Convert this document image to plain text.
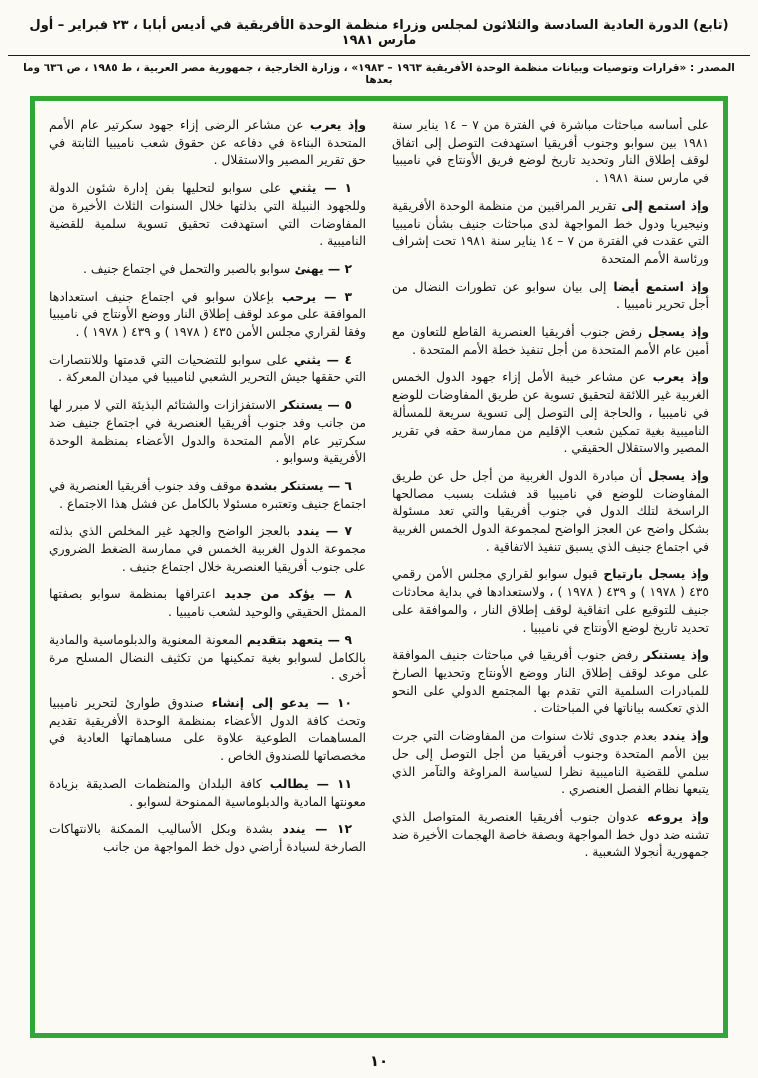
(تابع) الدورة العادية السادسة والثلاثون لمجلس وزراء منظمة الوحدة الأفريقية في أديس أبابا ، ٢٣ فبراير – أول مارس ١٩٨١
المصدر : «قرارات وتوصيات وبيانات منظمة الوحدة الأفريقية ١٩٦٣ – ١٩٨٣» ، وزارة الخارجية ، جمهورية مصر العربية ، ط ١٩٨٥ ، ص ٦٣٦ وما بعدها

على أساسه مباحثات مباشرة في الفترة من ٧ – ١٤ يناير سنة ١٩٨١ بين سوابو وجنوب أفريقيا استهدفت التوصل إلى اتفاق لوقف إطلاق النار وتحديد تاريخ لوضع فريق الأونتاج في ناميبيا في مارس سنة ١٩٨١ .

وإذ استمع إلى تقرير المراقبين من منظمة الوحدة الأفريقية ونيجيريا ودول خط المواجهة لدى مباحثات جنيف بشأن ناميبيا التي عقدت في الفترة من ٧ – ١٤ يناير سنة ١٩٨١ تحت إشراف ورئاسة الأمم المتحدة

وإذ استمع أيضا إلى بيان سوابو عن تطورات النضال من أجل تحرير ناميبيا .

وإذ يسجل رفض جنوب أفريقيا العنصرية القاطع للتعاون مع أمين عام الأمم المتحدة من أجل تنفيذ خطة الأمم المتحدة .

وإذ يعرب عن مشاعر خيبة الأمل إزاء جهود الدول الخمس الغربية غير اللائقة لتحقيق تسوية عن طريق المفاوضات للوضع في ناميبيا ، والحاجة إلى التوصل إلى تسوية سريعة للمسألة الناميبية بغية تمكين شعب الإقليم من ممارسة حقه في تقرير المصير والاستقلال الحقيقي .

وإذ يسجل أن مبادرة الدول الغربية من أجل حل عن طريق المفاوضات للوضع في ناميبيا قد فشلت بسبب مصالحها الراسخة لتلك الدول في جنوب أفريقيا والتي تعد مسئولة بشكل واضح عن العجز الواضح لمجموعة الدول الخمس الغربية في اجتماع جنيف الذي يسبق تنفيذ الاتفاقية .

وإذ يسجل بارتياح قبول سوابو لقراري مجلس الأمن رقمي ٤٣٥ ( ١٩٧٨ ) و ٤٣٩ ( ١٩٧٨ ) ، ولاستعدادها في بداية محادثات جنيف للتوقيع على اتفاقية لوقف إطلاق النار ، والموافقة على تحديد تاريخ لوضع الأونتاج في ناميبيا .

وإذ يستنكر رفض جنوب أفريقيا في مباحثات جنيف الموافقة على موعد لوقف إطلاق النار ووضع الأونتاج وتحديها الصارخ للمبادرات السلمية التي تقدم بها المجتمع الدولي على النحو الذي تعكسه بياناتها في المباحثات .

وإذ يندد بعدم جدوى ثلاث سنوات من المفاوضات التي جرت بين الأمم المتحدة وجنوب أفريقيا من أجل التوصل إلى حل سلمي للقضية الناميبية نظرا لسياسة المراوغة والتآمر الذي يتبعها نظام الفصل العنصري .

وإذ يروعه عدوان جنوب أفريقيا العنصرية المتواصل الذي تشنه ضد دول خط المواجهة وبصفة خاصة الهجمات الأخيرة ضد جمهورية أنجولا الشعبية .

وإذ يعرب عن مشاعر الرضى إزاء جهود سكرتير عام الأمم المتحدة البناءة في دفاعه عن حقوق شعب ناميبيا الثابتة في حق تقرير المصير والاستقلال .

١ — يثني على سوابو لتحليها بفن إدارة شئون الدولة وللجهود النبيلة التي بذلتها خلال السنوات الثلاث الأخيرة من المفاوضات التي استهدفت تحقيق تسوية سلمية للقضية الناميبية .

٢ — يهنئ سوابو بالصبر والتحمل في اجتماع جنيف .

٣ — يرحب بإعلان سوابو في اجتماع جنيف استعدادها الموافقة على موعد لوقف إطلاق النار ووضع الأونتاج في ناميبيا وفقا لقراري مجلس الأمن ٤٣٥ ( ١٩٧٨ ) و ٤٣٩ ( ١٩٧٨ ) .

٤ — يثني على سوابو للتضحيات التي قدمتها وللانتصارات التي حققها جيش التحرير الشعبي لناميبيا في ميدان المعركة .

٥ — يستنكر الاستفزازات والشتائم البذيئة التي لا مبرر لها من جانب وفد جنوب أفريقيا العنصرية في اجتماع جنيف ضد سكرتير عام الأمم المتحدة والدول الأعضاء بمنظمة الوحدة الأفريقية وسوابو .

٦ — يستنكر بشدة موقف وفد جنوب أفريقيا العنصرية في اجتماع جنيف وتعتبره مسئولا بالكامل عن فشل هذا الاجتماع .

٧ — يندد بالعجز الواضح والجهد غير المخلص الذي بذلته مجموعة الدول الغربية الخمس في ممارسة الضغط الضروري على جنوب أفريقيا العنصرية خلال اجتماع جنيف .

٨ — يؤكد من جديد اعترافها بمنظمة سوابو بصفتها الممثل الحقيقي والوحيد لشعب ناميبيا .

٩ — يتعهد بتقديم المعونة المعنوية والدبلوماسية والمادية بالكامل لسوابو بغية تمكينها من تكثيف النضال المسلح مرة أخرى .

١٠ — يدعو إلى إنشاء صندوق طوارئ لتحرير ناميبيا وتحث كافة الدول الأعضاء بمنظمة الوحدة الأفريقية تقديم المساهمات الطوعية علاوة على مساهماتها العادية في مخصصاتها للصندوق الخاص .

١١ — يطالب كافة البلدان والمنظمات الصديقة بزيادة معونتها المادية والدبلوماسية الممنوحة لسوابو .

١٢ — يندد بشدة وبكل الأساليب الممكنة بالانتهاكات الصارخة لسيادة أراضي دول خط المواجهة من جانب

١٠
